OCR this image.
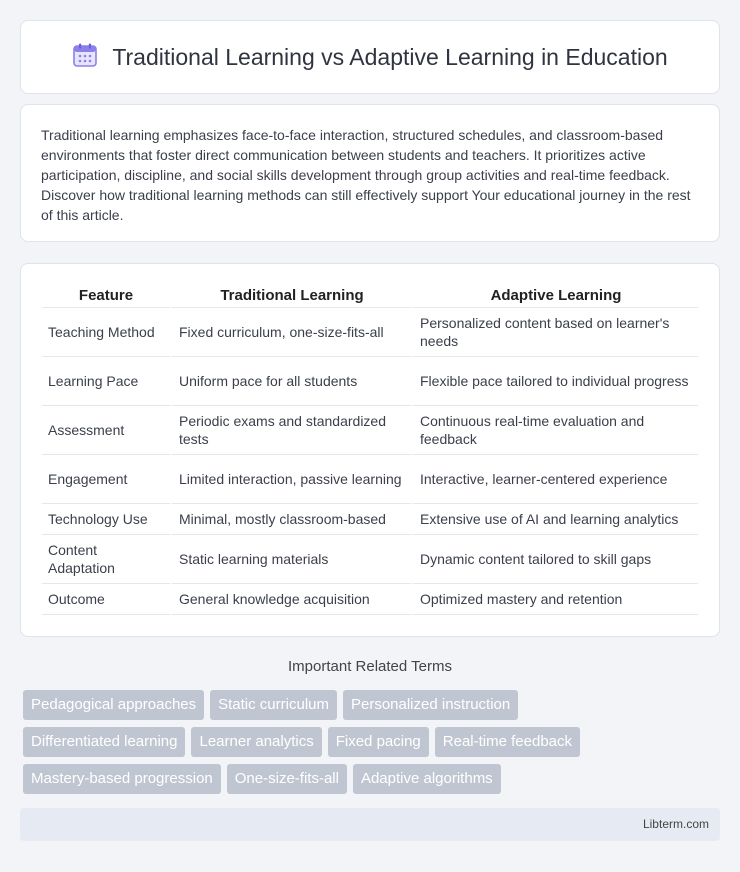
Traditional Learning vs Adaptive Learning in Education

Traditional learning emphasizes face-to-face interaction, structured schedules, and classroom-based environments that foster direct communication between students and teachers. It prioritizes active participation, discipline, and social skills development through group activities and real-time feedback. Discover how traditional learning methods can still effectively support Your educational journey in the rest of this article.

Feature	Traditional Learning	Adaptive Learning
Teaching Method	Fixed curriculum, one-size-fits-all	Personalized content based on learner's needs
Learning Pace	Uniform pace for all students	Flexible pace tailored to individual progress
Assessment	Periodic exams and standardized tests	Continuous real-time evaluation and feedback
Engagement	Limited interaction, passive learning	Interactive, learner-centered experience
Technology Use	Minimal, mostly classroom-based	Extensive use of AI and learning analytics
Content Adaptation	Static learning materials	Dynamic content tailored to skill gaps
Outcome	General knowledge acquisition	Optimized mastery and retention
Important Related Terms
Pedagogical approaches	Static curriculum	Personalized instruction
Differentiated learning	Learner analytics	Fixed pacing	Real-time feedback
Mastery-based progression	One-size-fits-all	Adaptive algorithms
Libterm.com
